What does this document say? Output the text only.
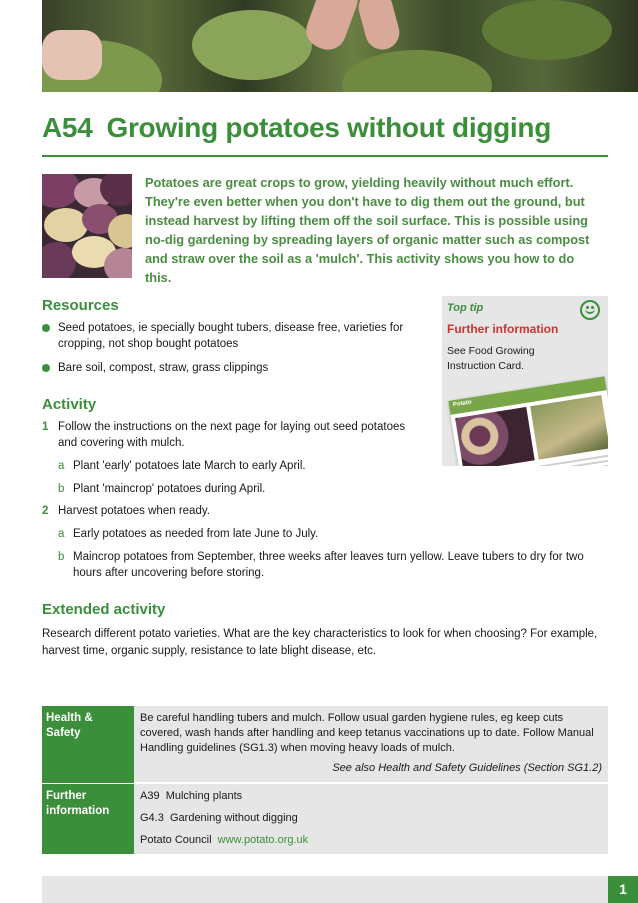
A54 Growing potatoes without digging

Potatoes are great crops to grow, yielding heavily without much effort. They're even better when you don't have to dig them out the ground, but instead harvest by lifting them off the soil surface. This is possible using no-dig gardening by spreading layers of organic matter such as compost and straw over the soil as a 'mulch'. This activity shows you how to do this.

Resources
Seed potatoes, ie specially bought tubers, disease free, varieties for cropping, not shop bought potatoes
Bare soil, compost, straw, grass clippings
Top tip
Further information
See Food Growing Instruction Card.
Potato
Activity
1 Follow the instructions on the next page for laying out seed potatoes and covering with mulch.
a Plant 'early' potatoes late March to early April.
b Plant 'maincrop' potatoes during April.
2 Harvest potatoes when ready.
a Early potatoes as needed from late June to July.
b Maincrop potatoes from September, three weeks after leaves turn yellow. Leave tubers to dry for two hours after uncovering before storing.
Extended activity

Research different potato varieties. What are the key characteristics to look for when choosing? For example, harvest time, organic supply, resistance to late blight disease, etc.

Health & Safety	Be careful handling tubers and mulch. Follow usual garden hygiene rules, eg keep cuts covered, wash hands after handling and keep tetanus vaccinations up to date. Follow Manual Handling guidelines (SG1.3) when moving heavy loads of mulch.
See also Health and Safety Guidelines (Section SG1.2)

Further information	A39 Mulching plants
G4.3 Gardening without digging
Potato Council www.potato.org.uk
1
